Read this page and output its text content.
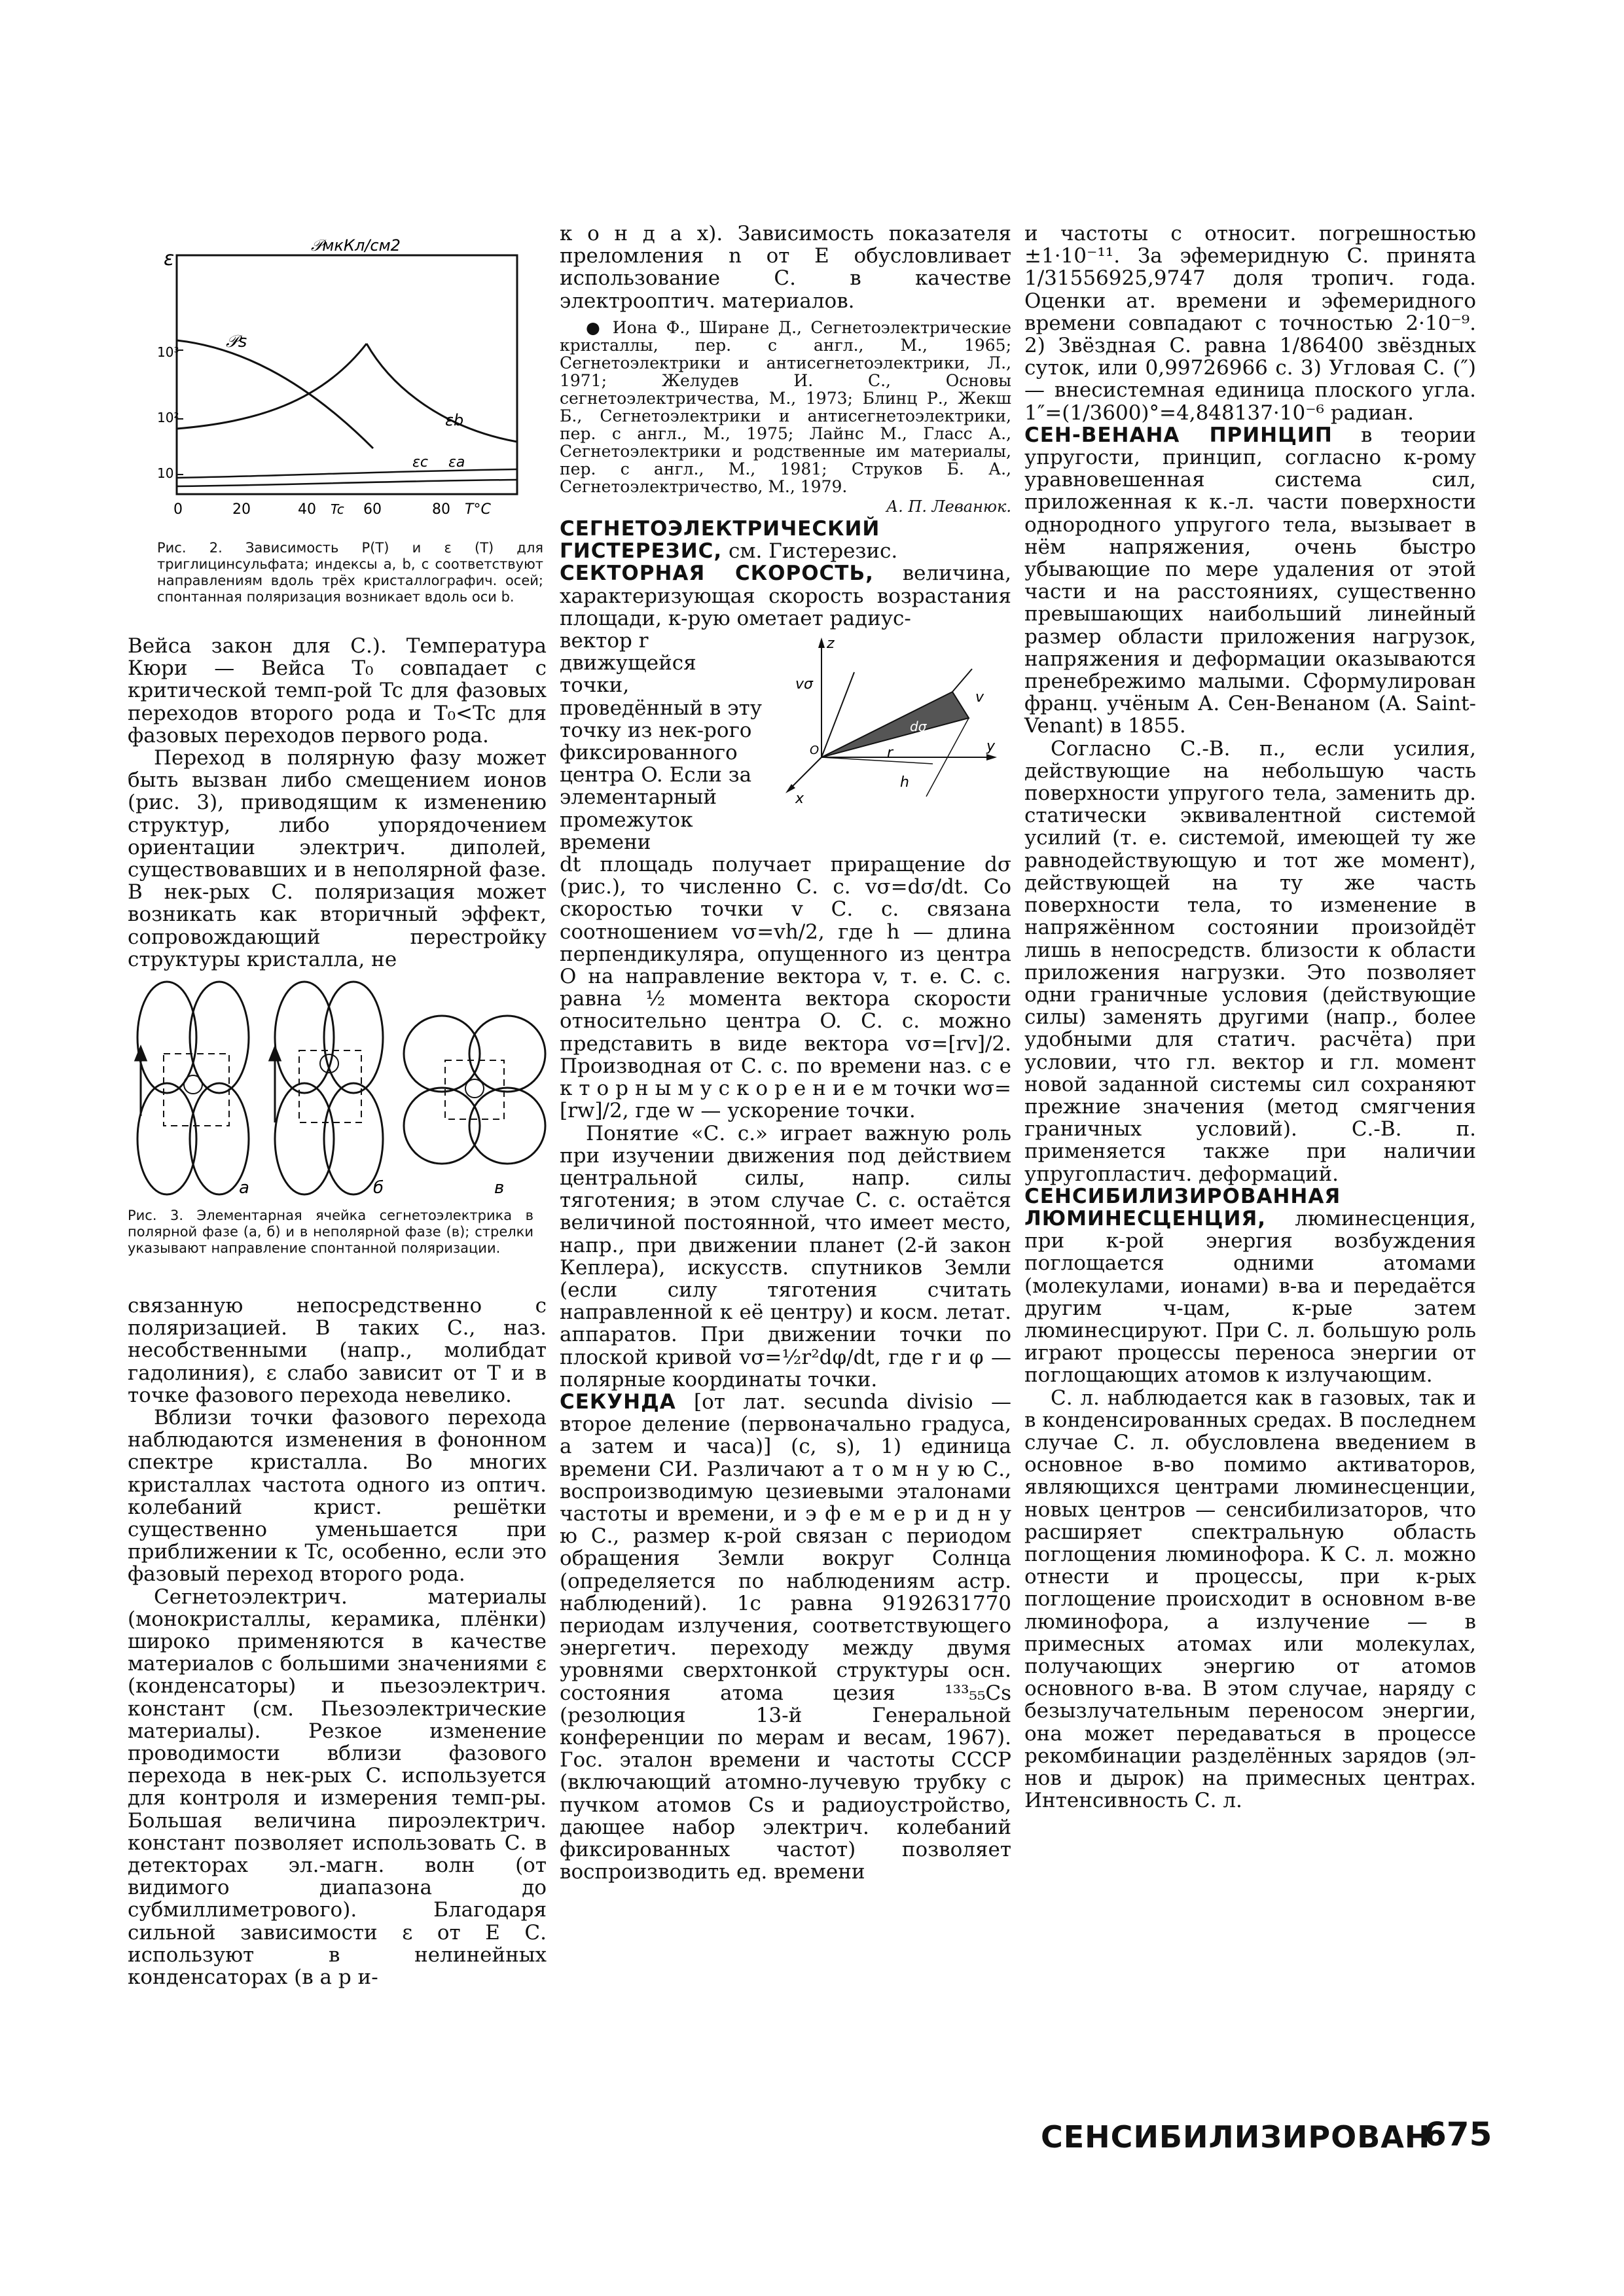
ε
𝒫мкКл/см2
10³
10²
10
𝒫s
εb
εc εa
0	20	40 Tc 60	80 T°C
Рис. 2. Зависимость P(T) и ε (T) для триглицинсульфата; индексы a, b, c соответствуют направлениям вдоль трёх кристаллографич. осей; спонтанная поляризация возникает вдоль оси b.

Вейса закон для С.). Температура Кюри — Вейса T₀ совпадает с критической темп-рой Tc для фазовых переходов второго рода и T₀<Tc для фазовых переходов первого рода.

Переход в полярную фазу может быть вызван либо смещением ионов (рис. 3), приводящим к изменению структур, либо упорядочением ориентации электрич. диполей, существовавших и в неполярной фазе. В нек-рых С. поляризация может возникать как вторичный эффект, сопровождающий перестройку структуры кристалла, не

а	б	в
Рис. 3. Элементарная ячейка сегнетоэлектрика в полярной фазе (а, б) и в неполярной фазе (в); стрелки указывают направление спонтанной поляризации.

связанную непосредственно с поляризацией. В таких С., наз. несобственными (напр., молибдат гадолиния), ε слабо зависит от T и в точке фазового перехода невелико.

Вблизи точки фазового перехода наблюдаются изменения в фононном спектре кристалла. Во многих кристаллах частота одного из оптич. колебаний крист. решётки существенно уменьшается при приближении к Tc, особенно, если это фазовый переход второго рода.

Сегнетоэлектрич. материалы (монокристаллы, керамика, плёнки) широко применяются в качестве материалов с большими значениями ε (конденсаторы) и пьезоэлектрич. констант (см. Пьезоэлектрические материалы). Резкое изменение проводимости вблизи фазового перехода в нек-рых С. используется для контроля и измерения темп-ры. Большая величина пироэлектрич. констант позволяет использовать С. в детекторах эл.-магн. волн (от видимого диапазона до субмиллиметрового). Благодаря сильной зависимости ε от E С. используют в нелинейных конденсаторах (в а р и-

к о н д а х). Зависимость показателя преломления n от E обусловливает использование С. в качестве электрооптич. материалов.

● Иона Ф., Ширане Д., Сегнетоэлектрические кристаллы, пер. с англ., М., 1965; Сегнетоэлектрики и антисегнетоэлектрики, Л., 1971; Желудев И. С., Основы сегнетоэлектричества, М., 1973; Блинц Р., Жекш Б., Сегнетоэлектрики и антисегнетоэлектрики, пер. с англ., М., 1975; Лайнс М., Гласс А., Сегнетоэлектрики и родственные им материалы, пер. с англ., М., 1981; Струков Б. А., Сегнетоэлектричество, М., 1979.

А. П. Леванюк.

СЕГНЕТОЭЛЕКТРИЧЕСКИЙ ГИСТЕРЕЗИС, см. Гистерезис.

СЕКТОРНАЯ СКОРОСТЬ, величина, характеризующая скорость возрастания площади, к-рую ометает радиус-

вектор r движущейся точки, проведённый в эту точку из нек-рого фиксированного центра O. Если за элементарный промежуток времени

z
vσ
dσ
r
v
h
O	y
x

dt площадь получает приращение dσ (рис.), то численно С. с. vσ=dσ/dt. Со скоростью точки v С. с. связана соотношением vσ=vh/2, где h — длина перпендикуляра, опущенного из центра O на направление вектора v, т. е. С. с. равна ½ момента вектора скорости относительно центра O. С. с. можно представить в виде вектора vσ=[rv]/2. Производная от С. с. по времени наз. с е к т о р н ы м у с к о р е н и е м точки wσ=[rw]/2, где w — ускорение точки.

Понятие «С. с.» играет важную роль при изучении движения под действием центральной силы, напр. силы тяготения; в этом случае С. с. остаётся величиной постоянной, что имеет место, напр., при движении планет (2-й закон Кеплера), искусств. спутников Земли (если силу тяготения считать направленной к её центру) и косм. летат. аппаратов. При движении точки по плоской кривой vσ=½r²dφ/dt, где r и φ — полярные координаты точки.

СЕКУНДА [от лат. secunda divisio — второе деление (первоначально градуса, а затем и часа)] (с, s), 1) единица времени СИ. Различают а т о м н у ю С., воспроизводимую цезиевыми эталонами частоты и времени, и э ф е м е р и д н у ю С., размер к-рой связан с периодом обращения Земли вокруг Солнца (определяется по наблюдениям астр. наблюдений). 1с равна 9192631770 периодам излучения, соответствующего энергетич. переходу между двумя уровнями сверхтонкой структуры осн. состояния атома цезия ¹³³₅₅Cs (резолюция 13-й Генеральной конференции по мерам и весам, 1967). Гос. эталон времени и частоты СССР (включающий атомно-лучевую трубку с пучком атомов Cs и радиоустройство, дающее набор электрич. колебаний фиксированных частот) позволяет воспроизводить ед. времени

и частоты с относит. погрешностью ±1·10⁻¹¹. За эфемеридную С. принята 1/31556925,9747 доля тропич. года. Оценки ат. времени и эфемеридного времени совпадают с точностью 2·10⁻⁹. 2) Звёздная С. равна 1/86400 звёздных суток, или 0,99726966 с. 3) Угловая С. (″) — внесистемная единица плоского угла. 1″=(1/3600)°=4,848137·10⁻⁶ радиан.

СЕН-ВЕНАНА ПРИНЦИП в теории упругости, принцип, согласно к-рому уравновешенная система сил, приложенная к к.-л. части поверхности однородного упругого тела, вызывает в нём напряжения, очень быстро убывающие по мере удаления от этой части и на расстояниях, существенно превышающих наибольший линейный размер области приложения нагрузок, напряжения и деформации оказываются пренебрежимо малыми. Сформулирован франц. учёным А. Сен-Венаном (A. Saint-Venant) в 1855.

Согласно С.-В. п., если усилия, действующие на небольшую часть поверхности упругого тела, заменить др. статически эквивалентной системой усилий (т. е. системой, имеющей ту же равнодействующую и тот же момент), действующей на ту же часть поверхности тела, то изменение в напряжённом состоянии произойдёт лишь в непосредств. близости к области приложения нагрузки. Это позволяет одни граничные условия (действующие силы) заменять другими (напр., более удобными для статич. расчёта) при условии, что гл. вектор и гл. момент новой заданной системы сил сохраняют прежние значения (метод смягчения граничных условий). С.-В. п. применяется также при наличии упругопластич. деформаций.

СЕНСИБИЛИЗИРОВАННАЯ ЛЮМИНЕСЦЕНЦИЯ, люминесценция, при к-рой энергия возбуждения поглощается одними атомами (молекулами, ионами) в-ва и передаётся другим ч-цам, к-рые затем люминесцируют. При С. л. большую роль играют процессы переноса энергии от поглощающих атомов к излучающим.

С. л. наблюдается как в газовых, так и в конденсированных средах. В последнем случае С. л. обусловлена введением в основное в-во помимо активаторов, являющихся центрами люминесценции, новых центров — сенсибилизаторов, что расширяет спектральную область поглощения люминофора. К С. л. можно отнести и процессы, при к-рых поглощение происходит в основном в-ве люминофора, а излучение — в примесных атомах или молекулах, получающих энергию от атомов основного в-ва. В этом случае, наряду с безызлучательным переносом энергии, она может передаваться в процессе рекомбинации разделённых зарядов (эл-нов и дырок) на примесных центрах. Интенсивность С. л.

СЕНСИБИЛИЗИРОВАН
675
